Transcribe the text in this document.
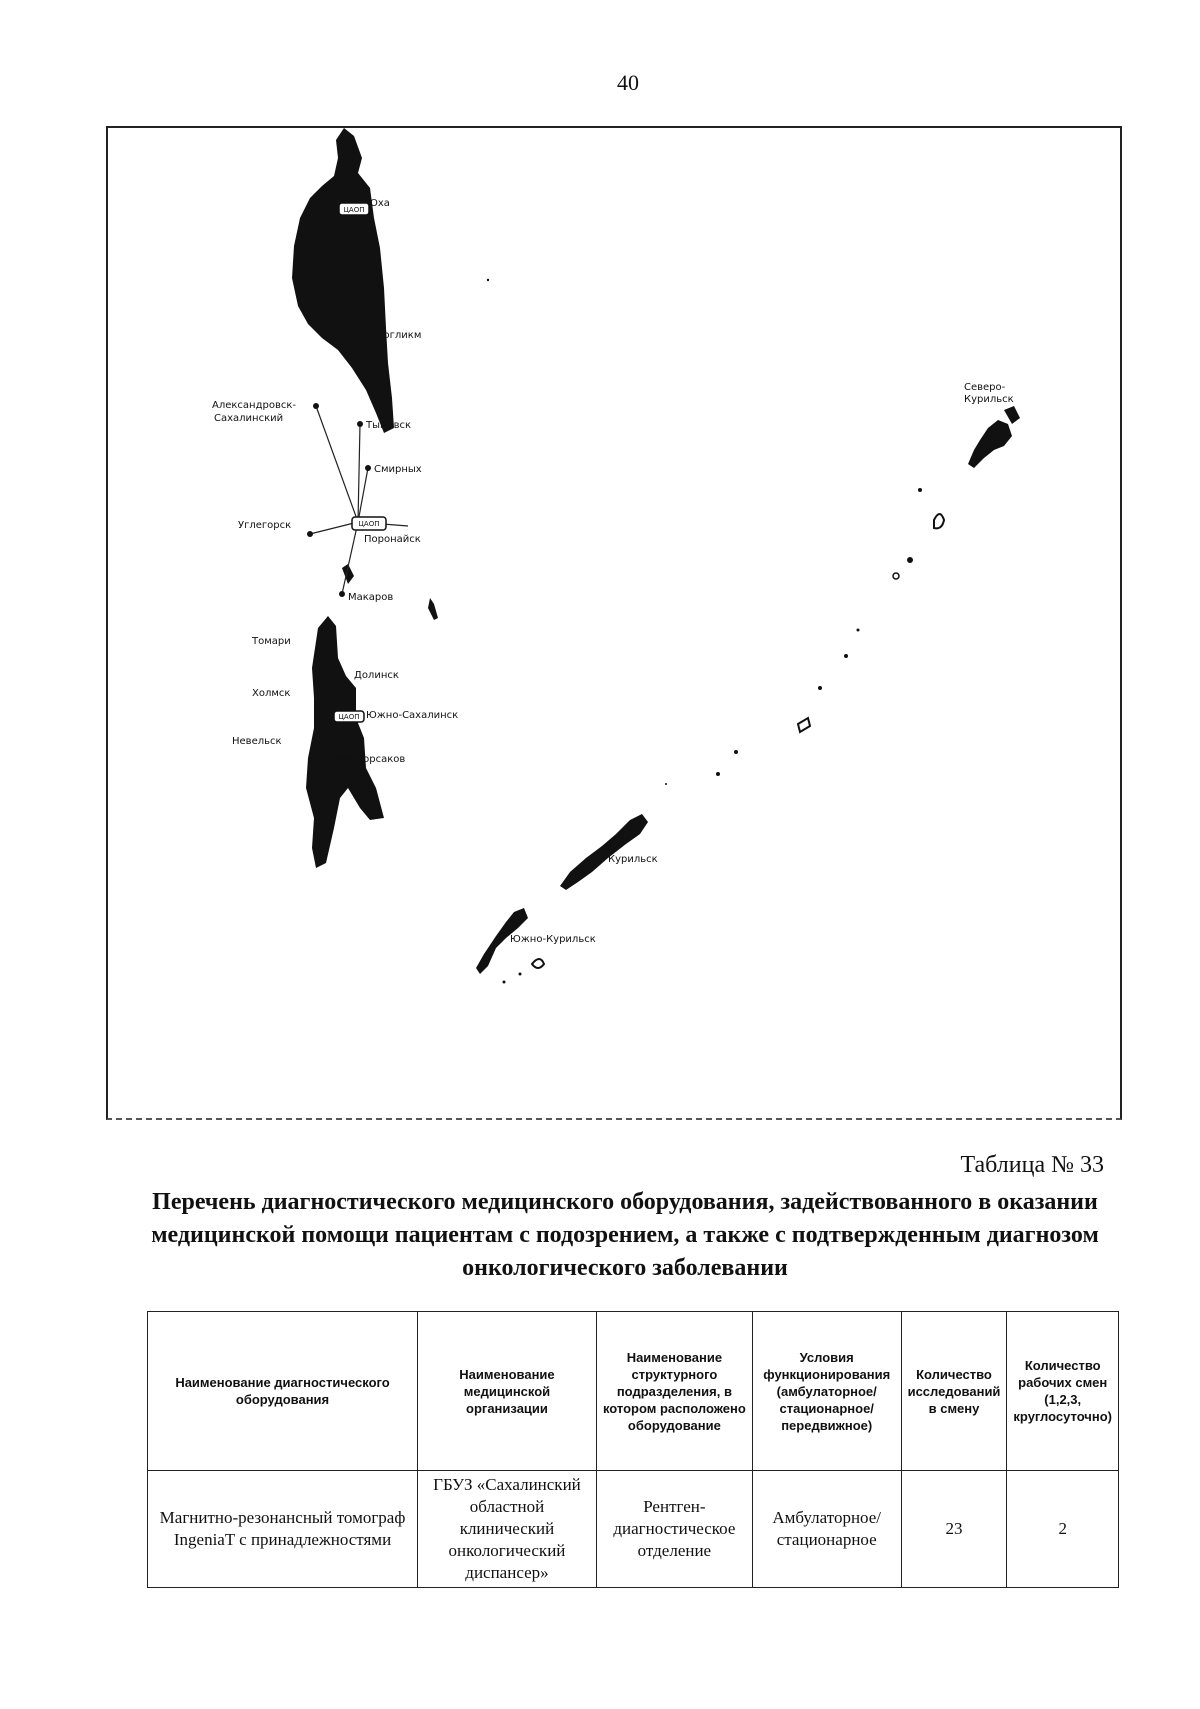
40
ЦАОП
ЦАОП
ЦАОП
Оха
Ногликм
Александровск-
Сахалинский
Тымовск
Смирных
Углегорск
Поронайск
Макаров
Томари
Долинск
Холмск
Южно-Сахалинск
Невельск
Анива Корсаков
Северо-
Курильск
Курильск
Южно-Курильск
Таблица № 33
Перечень диагностического медицинского оборудования, задействованного в оказании медицинской помощи пациентам с подозрением, а также с подтвержденным диагнозом онкологического заболевании
Наименование диагностического оборудования	Наименование медицинской организации	Наименование структурного подразделения, в котором расположено оборудование	Условия функционирования (амбулаторное/ стационарное/ передвижное)	Количество исследований в смену	Количество рабочих смен (1,2,3, круглосуточно)
Магнитно-резонансный томограф IngeniaT с принадлежностями	ГБУЗ «Сахалинский областной клинический онкологический диспансер»	Рентген-диагностическое отделение	Амбулаторное/ стационарное	23	2
